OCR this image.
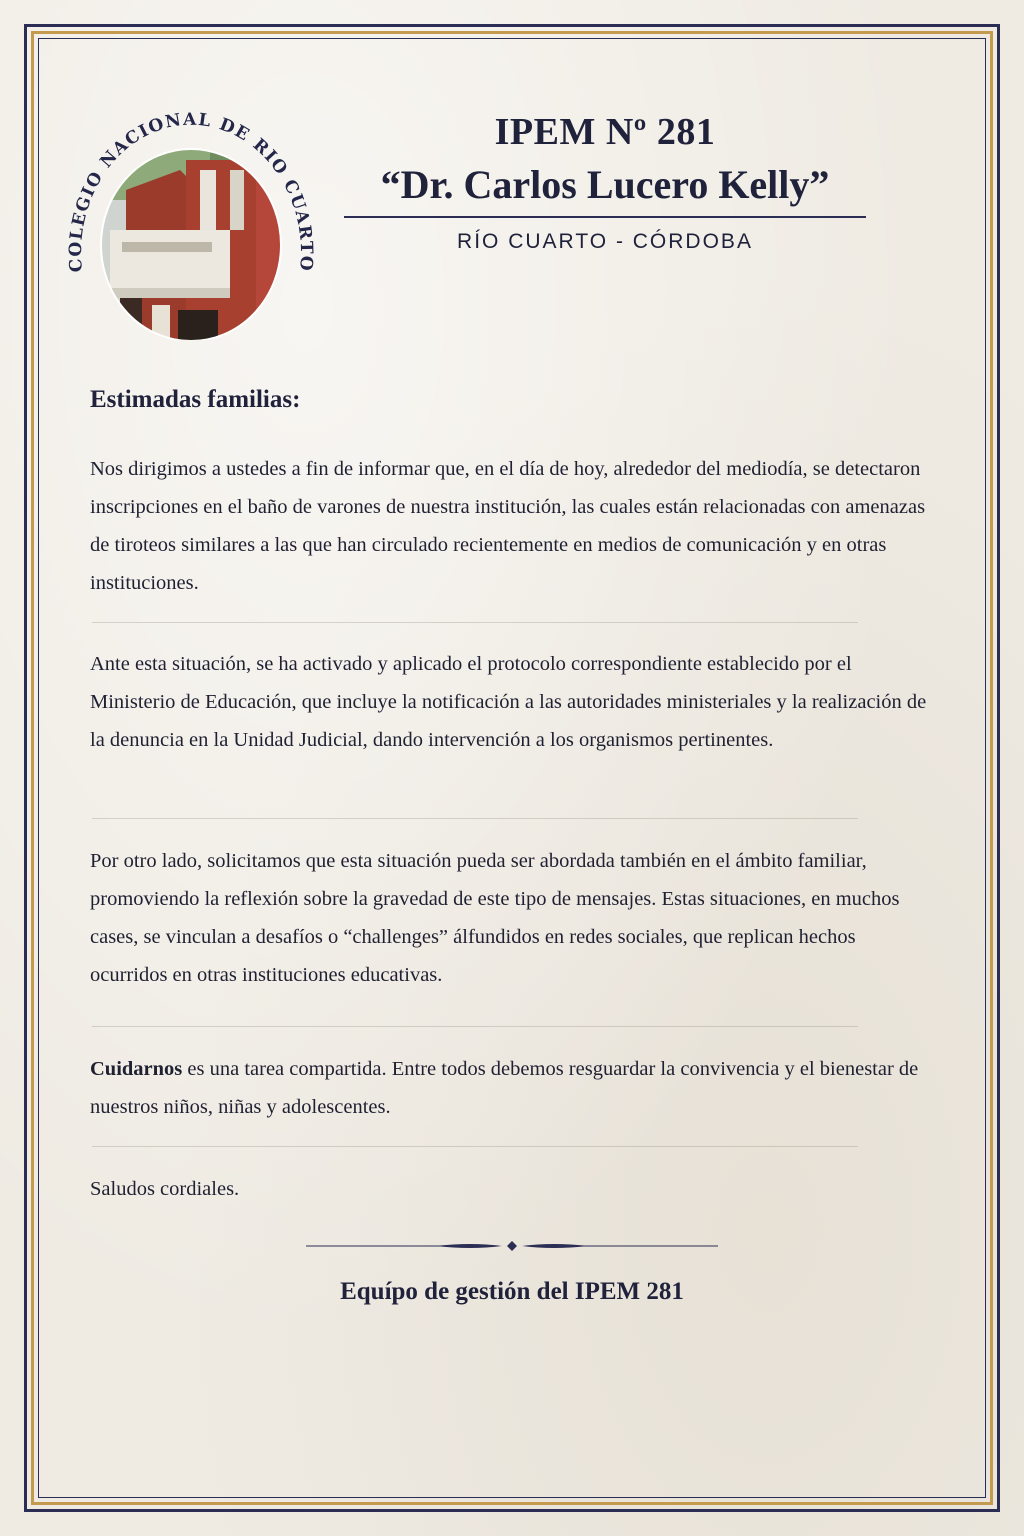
COLEGIO NACIONAL DE RIO CUARTO
IPEM Nº 281
“Dr. Carlos Lucero Kelly”
RÍO CUARTO - CÓRDOBA

Estimadas familias:

Nos dirigimos a ustedes a fin de informar que, en el día de hoy, alrededor del mediodía, se detectaron inscripciones en el baño de varones de nuestra institución, las cuales están relacionadas con amenazas de tiroteos similares a las que han circulado recientemente en medios de comunicación y en otras instituciones.

Ante esta situación, se ha activado y aplicado el protocolo correspondiente establecido por el Ministerio de Educación, que incluye la notificación a las autoridades ministeriales y la realización de la denuncia en la Unidad Judicial, dando intervención a los organismos pertinentes.

Por otro lado, solicitamos que esta situación pueda ser abordada también en el ámbito familiar, promoviendo la reflexión sobre la gravedad de este tipo de mensajes. Estas situaciones, en muchos cases, se vinculan a desafíos o “challenges” álfundidos en redes sociales, que replican hechos ocurridos en otras instituciones educativas.

Cuidarnos es una tarea compartida. Entre todos debemos resguardar la convivencia y el bienestar de nuestros niños, niñas y adolescentes.

Saludos cordiales.

Equípo de gestión del IPEM 281
